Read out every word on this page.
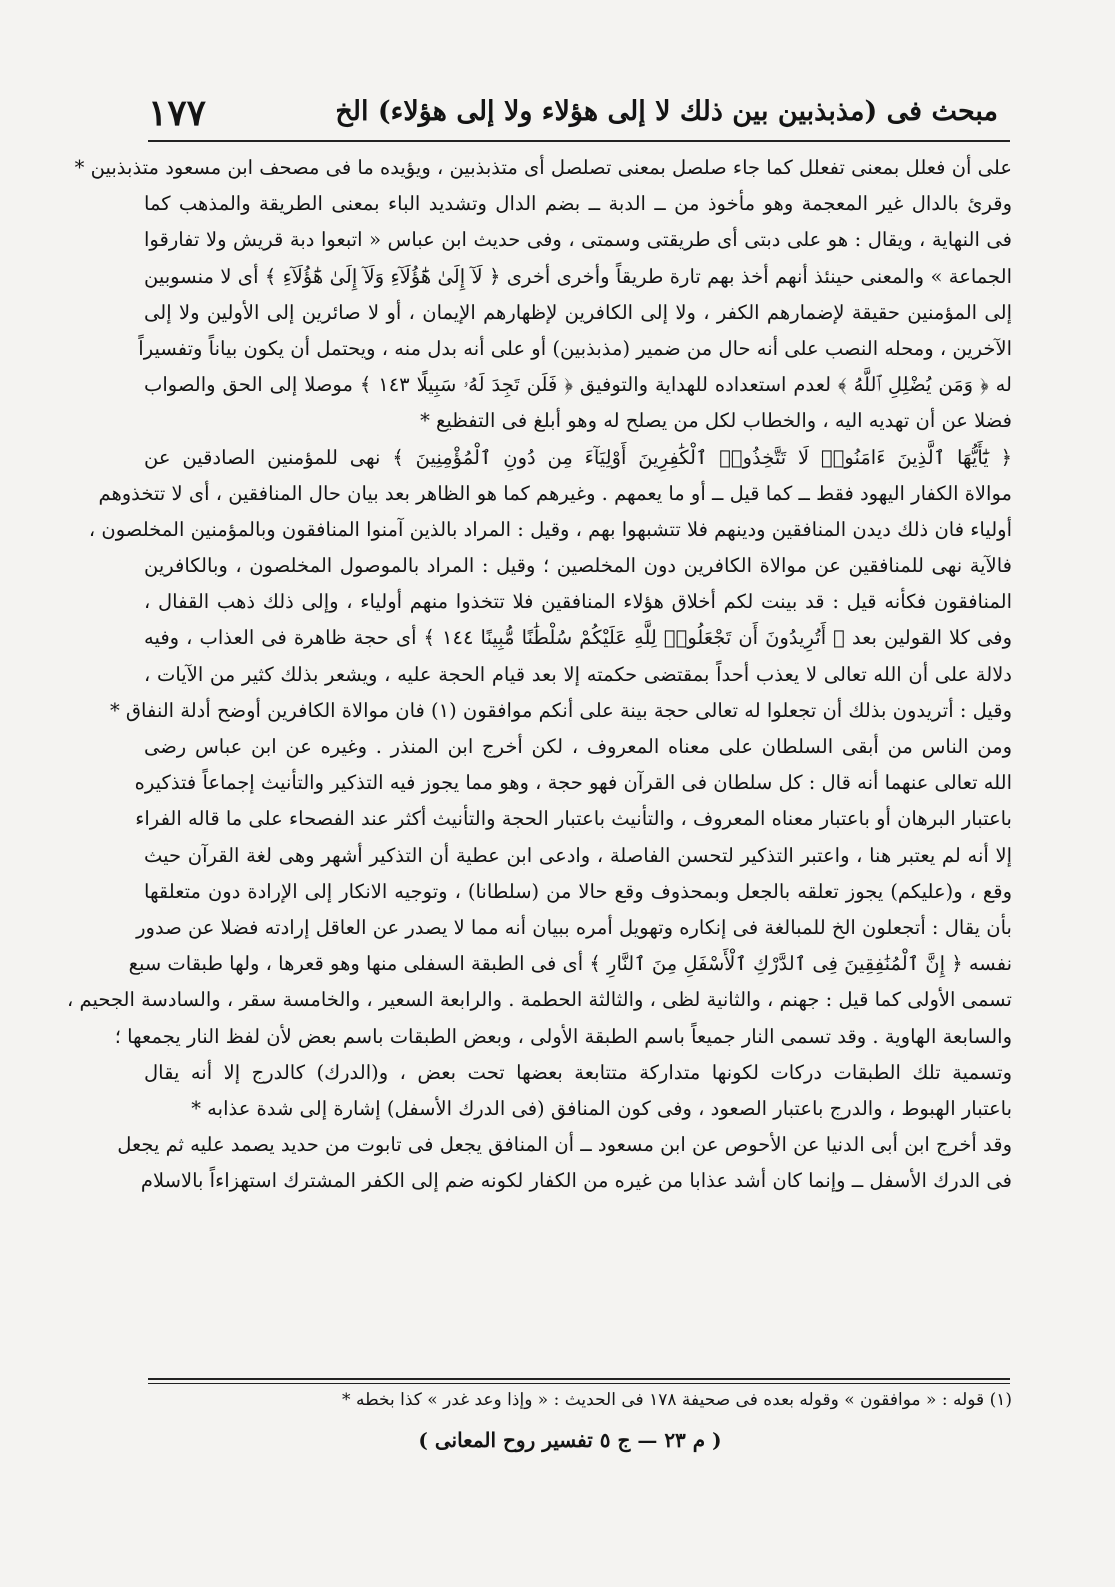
مبحث فى (مذبذبين بين ذلك لا إلى هؤلاء ولا إلى هؤلاء) الخ
١٧٧
على أن فعلل بمعنى تفعلل كما جاء صلصل بمعنى تصلصل أى متذبذبين ، ويؤيده ما فى مصحف ابن مسعود متذبذبين *
وقرئ بالدال غير المعجمة وهو مأخوذ من ــ الدبة ــ بضم الدال وتشديد الباء بمعنى الطريقة والمذهب كما
فى النهاية ، ويقال : هو على دبتى أى طريقتى وسمتى ، وفى حديث ابن عباس « اتبعوا دبة قريش ولا تفارقوا
الجماعة » والمعنى حينئذ أنهم أخذ بهم تارة طريقاً وأخرى أخرى ﴿ لَآ إِلَىٰ هَٰٓؤُلَآءِ وَلَآ إِلَىٰ هَٰٓؤُلَآءِ ﴾ أى لا منسوبين
إلى المؤمنين حقيقة لإضمارهم الكفر ، ولا إلى الكافرين لإظهارهم الإيمان ، أو لا صائرين إلى الأولين ولا إلى
الآخرين ، ومحله النصب على أنه حال من ضمير (مذبذبين) أو على أنه بدل منه ، ويحتمل أن يكون بياناً وتفسيراً
له ﴿ وَمَن يُضْلِلِ ٱللَّهُ ﴾ لعدم استعداده للهداية والتوفيق ﴿ فَلَن تَجِدَ لَهُۥ سَبِيلًا ١٤٣ ﴾ موصلا إلى الحق والصواب
فضلا عن أن تهديه اليه ، والخطاب لكل من يصلح له وهو أبلغ فى التفظيع *
﴿ يَٰٓأَيُّهَا ٱلَّذِينَ ءَامَنُوا۟ لَا تَتَّخِذُوا۟ ٱلْكَٰفِرِينَ أَوْلِيَآءَ مِن دُونِ ٱلْمُؤْمِنِينَ ﴾ نهى للمؤمنين الصادقين عن
موالاة الكفار اليهود فقط ــ كما قيل ــ أو ما يعمهم . وغيرهم كما هو الظاهر بعد بيان حال المنافقين ، أى لا تتخذوهم
أولياء فان ذلك ديدن المنافقين ودينهم فلا تتشبهوا بهم ، وقيل : المراد بالذين آمنوا المنافقون وبالمؤمنين المخلصون ،
فالآية نهى للمنافقين عن موالاة الكافرين دون المخلصين ؛ وقيل : المراد بالموصول المخلصون ، وبالكافرين
المنافقون فكأنه قيل : قد بينت لكم أخلاق هؤلاء المنافقين فلا تتخذوا منهم أولياء ، وإلى ذلك ذهب القفال ،
وفى كلا القولين بعد ﴿ أَتُرِيدُونَ أَن تَجْعَلُوا۟ لِلَّهِ عَلَيْكُمْ سُلْطَٰنًا مُّبِينًا ١٤٤ ﴾ أى حجة ظاهرة فى العذاب ، وفيه
دلالة على أن الله تعالى لا يعذب أحداً بمقتضى حكمته إلا بعد قيام الحجة عليه ، ويشعر بذلك كثير من الآيات ،
وقيل : أتريدون بذلك أن تجعلوا له تعالى حجة بينة على أنكم موافقون (١) فان موالاة الكافرين أوضح أدلة النفاق *
ومن الناس من أبقى السلطان على معناه المعروف ، لكن أخرج ابن المنذر . وغيره عن ابن عباس رضى
الله تعالى عنهما أنه قال : كل سلطان فى القرآن فهو حجة ، وهو مما يجوز فيه التذكير والتأنيث إجماعاً فتذكيره
باعتبار البرهان أو باعتبار معناه المعروف ، والتأنيث باعتبار الحجة والتأنيث أكثر عند الفصحاء على ما قاله الفراء
إلا أنه لم يعتبر هنا ، واعتبر التذكير لتحسن الفاصلة ، وادعى ابن عطية أن التذكير أشهر وهى لغة القرآن حيث
وقع ، و(عليكم) يجوز تعلقه بالجعل وبمحذوف وقع حالا من (سلطانا) ، وتوجيه الانكار إلى الإرادة دون متعلقها
بأن يقال : أتجعلون الخ للمبالغة فى إنكاره وتهويل أمره ببيان أنه مما لا يصدر عن العاقل إرادته فضلا عن صدور
نفسه ﴿ إِنَّ ٱلْمُنَٰفِقِينَ فِى ٱلدَّرْكِ ٱلْأَسْفَلِ مِنَ ٱلنَّارِ ﴾ أى فى الطبقة السفلى منها وهو قعرها ، ولها طبقات سبع
تسمى الأولى كما قيل : جهنم ، والثانية لظى ، والثالثة الحطمة . والرابعة السعير ، والخامسة سقر ، والسادسة الجحيم ،
والسابعة الهاوية . وقد تسمى النار جميعاً باسم الطبقة الأولى ، وبعض الطبقات باسم بعض لأن لفظ النار يجمعها ؛
وتسمية تلك الطبقات دركات لكونها متداركة متتابعة بعضها تحت بعض ، و(الدرك) كالدرج إلا أنه يقال
باعتبار الهبوط ، والدرج باعتبار الصعود ، وفى كون المنافق (فى الدرك الأسفل) إشارة إلى شدة عذابه *
وقد أخرج ابن أبى الدنيا عن الأحوص عن ابن مسعود ــ أن المنافق يجعل فى تابوت من حديد يصمد عليه ثم يجعل
فى الدرك الأسفل ــ وإنما كان أشد عذابا من غيره من الكفار لكونه ضم إلى الكفر المشترك استهزاءاً بالاسلام
(١) قوله : « موافقون » وقوله بعده فى صحيفة ١٧٨ فى الحديث : « وإذا وعد غدر » كذا بخطه *
( م ٢٣ — ج ٥ تفسير روح المعانى )
